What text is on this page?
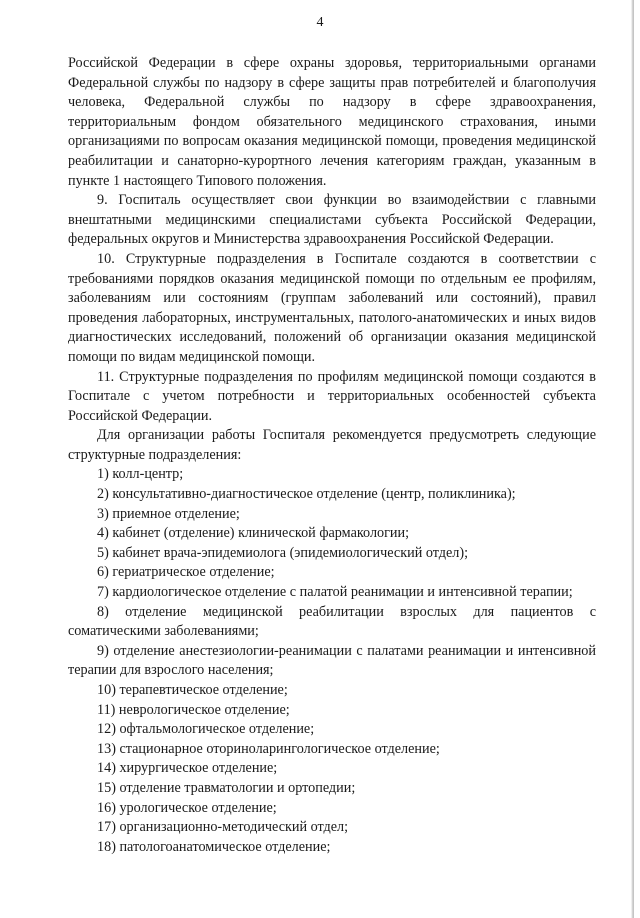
4

Российской Федерации в сфере охраны здоровья, территориальными органами Федеральной службы по надзору в сфере защиты прав потребителей и благополучия человека, Федеральной службы по надзору в сфере здравоохранения, территориальным фондом обязательного медицинского страхования, иными организациями по вопросам оказания медицинской помощи, проведения медицинской реабилитации и санаторно-курортного лечения категориям граждан, указанным в пункте 1 настоящего Типового положения.

9. Госпиталь осуществляет свои функции во взаимодействии с главными внештатными медицинскими специалистами субъекта Российской Федерации, федеральных округов и Министерства здравоохранения Российской Федерации.

10. Структурные подразделения в Госпитале создаются в соответствии с требованиями порядков оказания медицинской помощи по отдельным ее профилям, заболеваниям или состояниям (группам заболеваний или состояний), правил проведения лабораторных, инструментальных, патолого-анатомических и иных видов диагностических исследований, положений об организации оказания медицинской помощи по видам медицинской помощи.

11. Структурные подразделения по профилям медицинской помощи создаются в Госпитале с учетом потребности и территориальных особенностей субъекта Российской Федерации.

Для организации работы Госпиталя рекомендуется предусмотреть следующие структурные подразделения:

1) колл-центр;

2) консультативно-диагностическое отделение (центр, поликлиника);

3) приемное отделение;

4) кабинет (отделение) клинической фармакологии;

5) кабинет врача-эпидемиолога (эпидемиологический отдел);

6) гериатрическое отделение;

7) кардиологическое отделение с палатой реанимации и интенсивной терапии;

8) отделение медицинской реабилитации взрослых для пациентов с соматическими заболеваниями;

9) отделение анестезиологии-реанимации с палатами реанимации и интенсивной терапии для взрослого населения;

10) терапевтическое отделение;

11) неврологическое отделение;

12) офтальмологическое отделение;

13) стационарное оториноларингологическое отделение;

14) хирургическое отделение;

15) отделение травматологии и ортопедии;

16) урологическое отделение;

17) организационно-методический отдел;

18) патологоанатомическое отделение;
